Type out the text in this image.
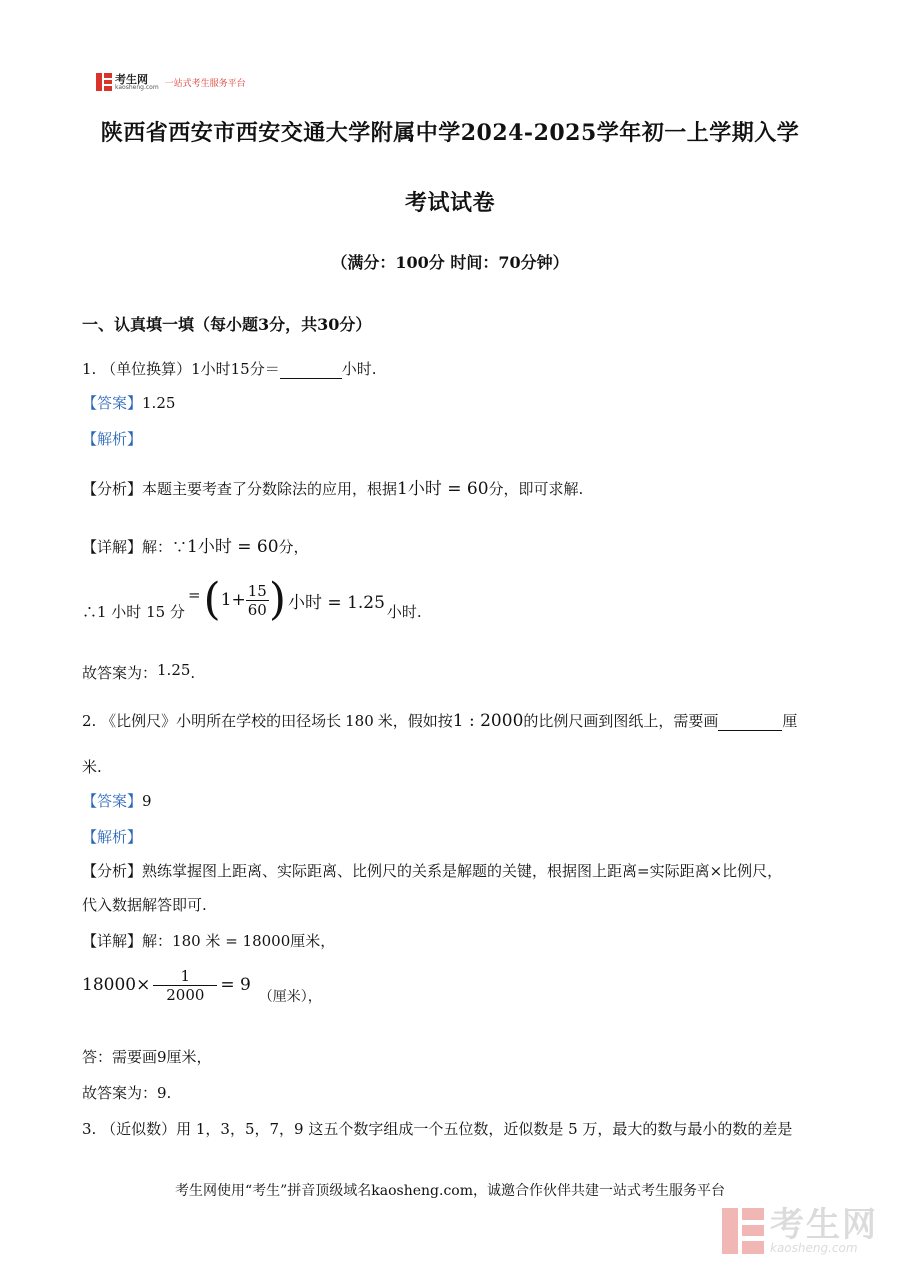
考生网
kaosheng.com 一站式考生服务平台
陕西省西安市西安交通大学附属中学2024-2025学年初一上学期入学
考试试卷
（满分：100分 时间：70分钟）
一、认真填一填（每小题3分，共30分）
1. （单位换算）1小时15分＝	小时.
【答案】1.25
【解析】
【分析】本题主要考查了分数除法的应用，根据1小时 = 60分，即可求解.
【详解】解：∵1小时 = 60分，
∴1 小时 15 分
= ( $1+ \frac{15}{60}$ ) 小时 = 1.25 小时.
故答案为：1.25.
2. 《比例尺》小明所在学校的田径场长 180 米，假如按1 : 2000的比例尺画到图纸上，需要画	厘
米.
【答案】9
【解析】
【分析】熟练掌握图上距离、实际距离、比例尺的关系是解题的关键，根据图上距离=实际距离×比例尺，
代入数据解答即可.
【详解】解：180 米 = 18000厘米，
$18000\times \frac{1}{2000} = 9$
（厘米），
答：需要画9厘米，
故答案为：9.
3. （近似数）用 1，3，5，7，9 这五个数字组成一个五位数，近似数是 5 万，最大的数与最小的数的差是
考生网使用“考生”拼音顶级域名kaosheng.com，诚邀合作伙伴共建一站式考生服务平台
考生网
kaosheng.com
